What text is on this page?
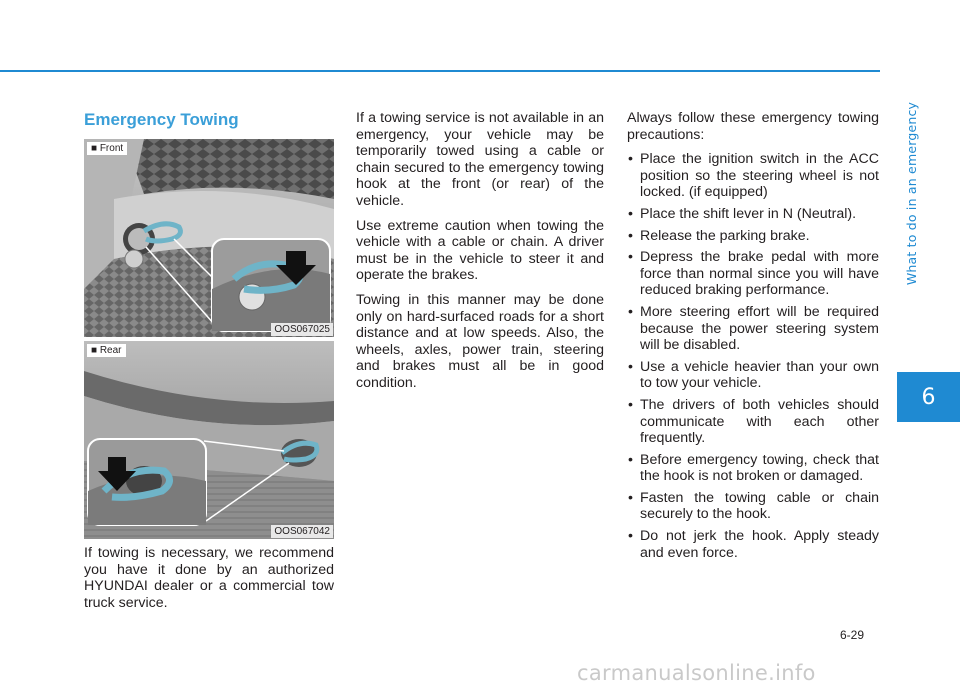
What to do in an emergency
6
Emergency Towing
■ Front
OOS067025
■ Rear
OOS067042

If towing is necessary, we recommend you have it done by an authorized HYUNDAI dealer or a commercial tow truck service.

If a towing service is not available in an emergency, your vehicle may be temporarily towed using a cable or chain secured to the emergency towing hook at the front (or rear) of the vehicle.

Use extreme caution when towing the vehicle with a cable or chain. A driver must be in the vehicle to steer it and operate the brakes.

Towing in this manner may be done only on hard-surfaced roads for a short distance and at low speeds. Also, the wheels, axles, power train, steering and brakes must all be in good condition.

Always follow these emergency towing precautions:

• Place the ignition switch in the ACC position so the steering wheel is not locked. (if equipped)
• Place the shift lever in N (Neutral).
• Release the parking brake.
• Depress the brake pedal with more force than normal since you will have reduced braking performance.
• More steering effort will be required because the power steering system will be disabled.
• Use a vehicle heavier than your own to tow your vehicle.
• The drivers of both vehicles should communicate with each other frequently.
• Before emergency towing, check that the hook is not broken or damaged.
• Fasten the towing cable or chain securely to the hook.
• Do not jerk the hook. Apply steady and even force.
6-29
carmanualsonline.info
